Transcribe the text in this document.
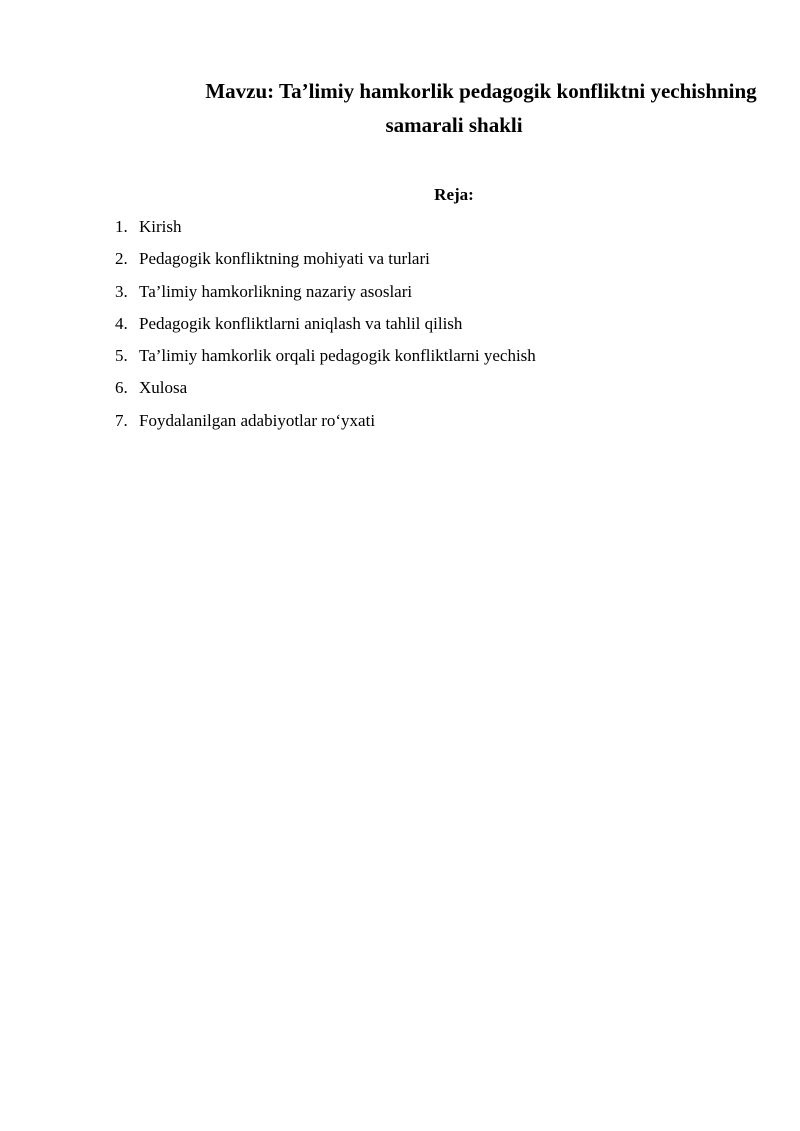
Mavzu: Ta’limiy hamkorlik pedagogik konfliktni yechishning samarali shakli
Reja:
1. Kirish
2. Pedagogik konfliktning mohiyati va turlari
3. Ta’limiy hamkorlikning nazariy asoslari
4. Pedagogik konfliktlarni aniqlash va tahlil qilish
5. Ta’limiy hamkorlik orqali pedagogik konfliktlarni yechish
6. Xulosa
7. Foydalanilgan adabiyotlar ro‘yxati
